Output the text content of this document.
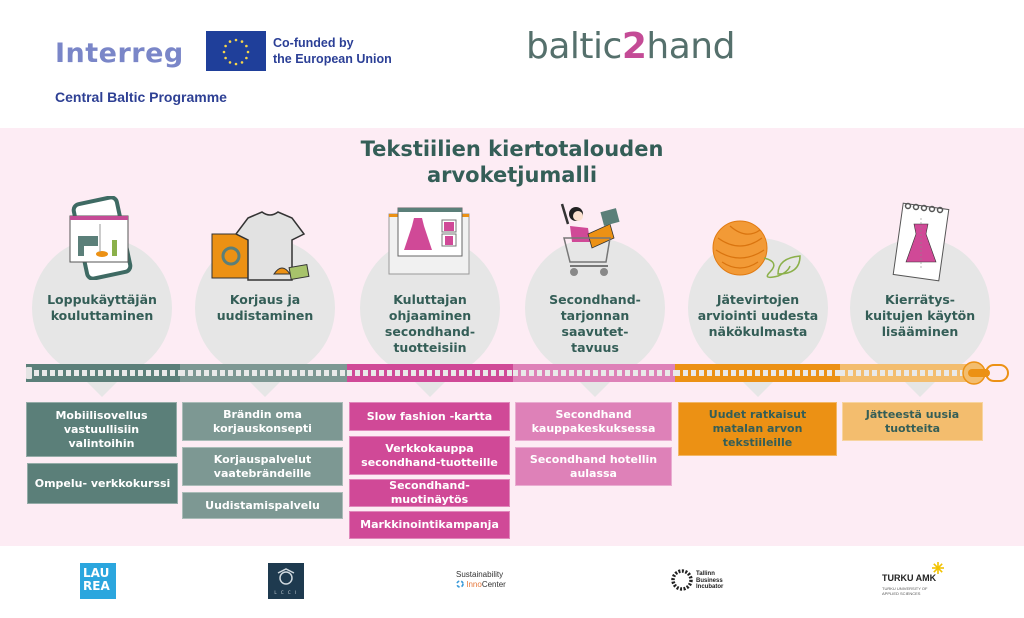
Interreg	Co-funded by
the European Union
Central Baltic Programme
baltic2hand
Tekstiilien kiertotalouden
arvoketjumalli
Loppukäyttäjän
kouluttaminen
Korjaus ja
uudistaminen
Kuluttajan
ohjaaminen
secondhand-
tuotteisiin
Secondhand-
tarjonnan
saavutet-
tavuus
Jätevirtojen
arviointi uudesta
näkökulmasta
Kierrätys-
kuitujen käytön
lisääminen
Mobiilisovellus vastuullisiin valintoihin
Ompelu- verkkokurssi
Brändin oma korjauskonsepti
Korjauspalvelut vaatebrändeille
Uudistamispalvelu
Slow fashion -kartta
Verkkokauppa secondhand-tuotteille
Secondhand-muotinäytös
Markkinointikampanja
Secondhand kauppakeskuksessa
Secondhand hotellin aulassa
Uudet ratkaisut matalan arvon tekstiileille
Jätteestä uusia tuotteita
LAU
REA	L C C I
Sustainability
InnoCenter
Tallinn
Business
Incubator
TURKU AMK
TURKU UNIVERSITY OF
APPLIED SCIENCES
